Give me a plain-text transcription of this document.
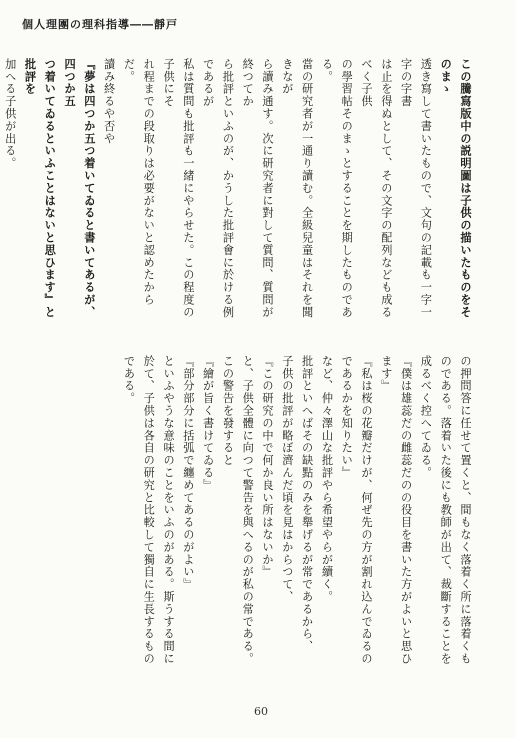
個人理團の理科指導――靜戸

この騰寫版中の説明圖は子供の描いたものをそのまゝ

透き寫して書いたもので、文句の記載も一字一字の字書

は止を得ぬとして、その文字の配列なども成るべく子供

の學習帖そのまゝとすることを期したものである。

當の研究者が一通り讀む。全級兒童はそれを聞きなが

ら讀み通す。次に研究者に對して質問、質問が終つてか

ら批評といふのが、かうした批評會に於ける例であるが

私は質問も批評も一緒にやらせた。この程度の子供にそ

れ程までの段取りは必要がないと認めたからだ。

讀み終るや否や

『夢は四つか五つ着いてゐると書いてあるが、四つか五

つ着いてゐるといふことはないと思ひます』と批評を

加へる子供が出る。

の押問答に任せて置くと、間もなく落着く所に落着くも

のである。落着いた後にも教師が出て、裁斷することを

成るべく控へてゐる。

『僕は雄蕊だの雌蕊だのの役目を書いた方がよいと思ひ

ます』

『私は桜の花瓣だけが、何ぜ先の方が割れ込んでゐるの

であるかを知りたい』

など、仲々澤山な批評やら希望やらが續く。

批評といへばその缺點のみを舉げるが常であるから、

子供の批評が略ぼ濟んだ頃を見はからつて、

『この研究の中で何か良い所はないか』

と、子供全體に向つて警告を與へるのが私の常である。

この警告を發すると

『繪が旨く書けてゐる』

『部分部分に括弧で纏めてあるのがよい』

といふやうな意味のことをいふのがある。斯うする間に

於て、子供は各自の研究と比較して獨自に生長するもの

である。

60
